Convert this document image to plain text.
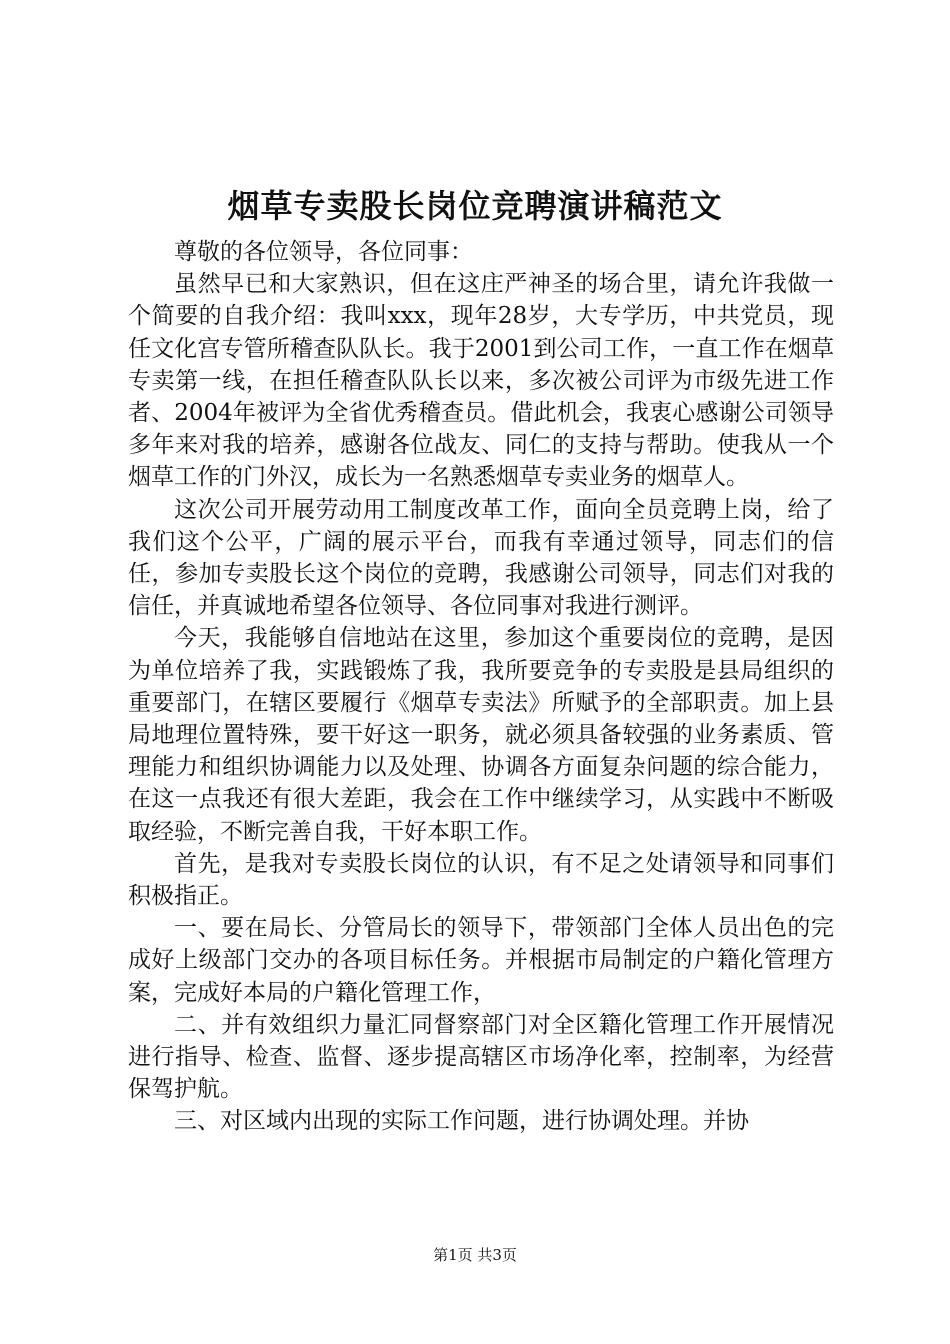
烟草专卖股长岗位竞聘演讲稿范文

尊敬的各位领导，各位同事：

虽然早已和大家熟识，但在这庄严神圣的场合里，请允许我做一个简要的自我介绍：我叫xxx，现年28岁，大专学历，中共党员，现任文化宫专管所稽查队队长。我于2001到公司工作，一直工作在烟草专卖第一线，在担任稽查队队长以来，多次被公司评为市级先进工作者、2004年被评为全省优秀稽查员。借此机会，我衷心感谢公司领导多年来对我的培养，感谢各位战友、同仁的支持与帮助。使我从一个烟草工作的门外汉，成长为一名熟悉烟草专卖业务的烟草人。

这次公司开展劳动用工制度改革工作，面向全员竞聘上岗，给了我们这个公平，广阔的展示平台，而我有幸通过领导，同志们的信任，参加专卖股长这个岗位的竞聘，我感谢公司领导，同志们对我的信任，并真诚地希望各位领导、各位同事对我进行测评。

今天，我能够自信地站在这里，参加这个重要岗位的竞聘，是因为单位培养了我，实践锻炼了我，我所要竞争的专卖股是县局组织的重要部门，在辖区要履行《烟草专卖法》所赋予的全部职责。加上县局地理位置特殊，要干好这一职务，就必须具备较强的业务素质、管理能力和组织协调能力以及处理、协调各方面复杂问题的综合能力，在这一点我还有很大差距，我会在工作中继续学习，从实践中不断吸取经验，不断完善自我，干好本职工作。

首先，是我对专卖股长岗位的认识，有不足之处请领导和同事们积极指正。

一、要在局长、分管局长的领导下，带领部门全体人员出色的完成好上级部门交办的各项目标任务。并根据市局制定的户籍化管理方案，完成好本局的户籍化管理工作，

二、并有效组织力量汇同督察部门对全区籍化管理工作开展情况进行指导、检查、监督、逐步提高辖区市场净化率，控制率，为经营保驾护航。

三、对区域内出现的实际工作问题，进行协调处理。并协

第1页 共3页
